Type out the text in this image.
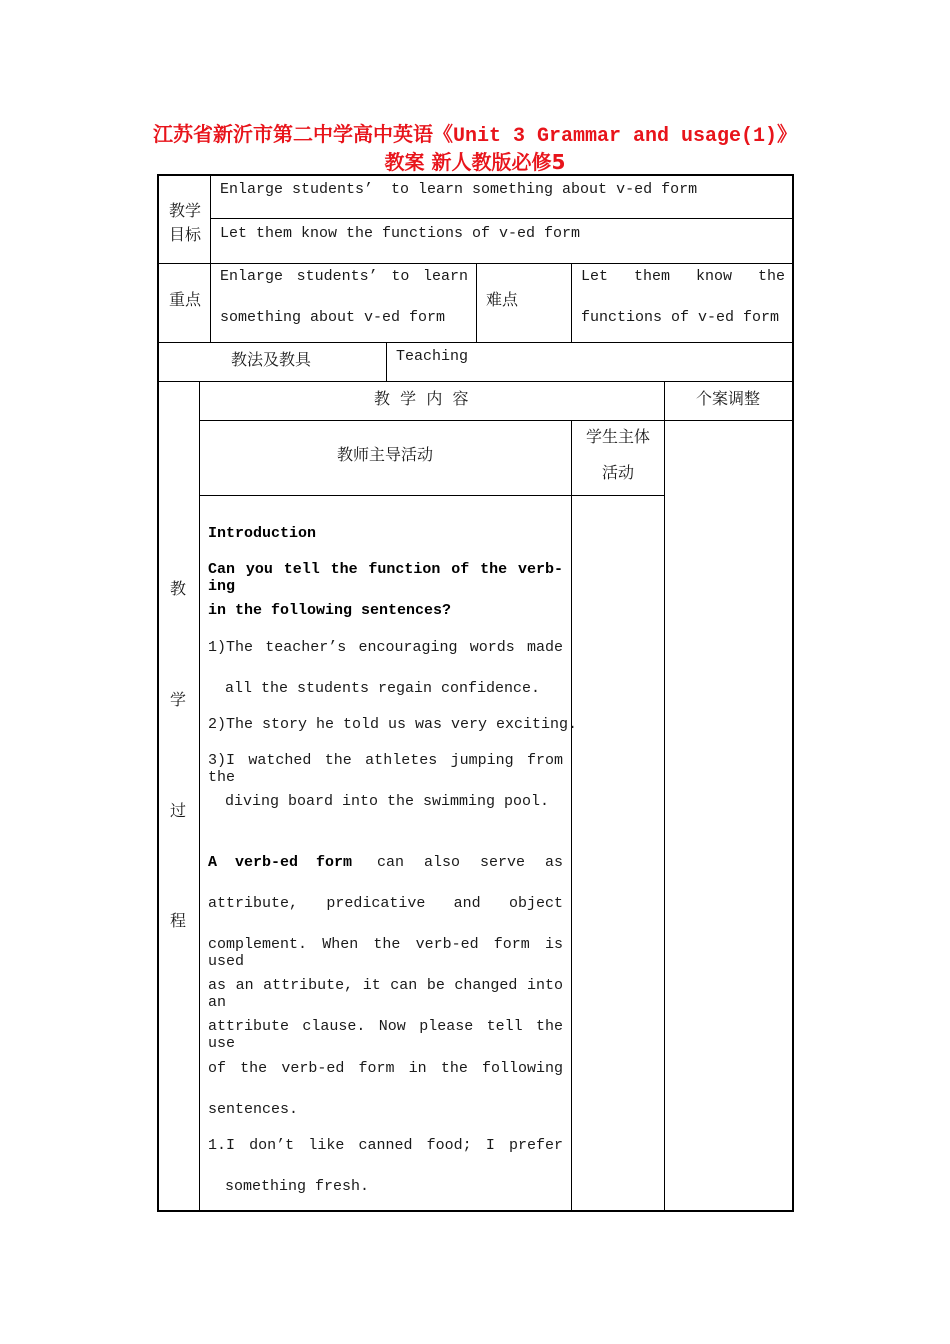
江苏省新沂市第二中学高中英语《Unit 3 Grammar and usage(1)》
教案 新人教版必修5
教学
目标
Enlarge students’  to learn something about v-ed form
Let them know the functions of v-ed form
重点
Enlarge students’ to learn
something about v-ed form
难点
Let them know the
functions of v-ed form
教法及教具	Teaching
教
学
过
程
教  学  内  容	个案调整
教师主导活动
学生主体
活动
Introduction
Can you tell the function of the verb-ing
in the following sentences?
1)The teacher’s encouraging words made
all the students regain confidence.
2)The story he told us was very exciting.
3)I watched the athletes jumping from the
diving board into the swimming pool.
A  verb-ed  form can also serve as
attribute, predicative and object
complement. When the verb-ed form is used
as an attribute, it can be changed into an
attribute clause. Now please tell the use
of the verb-ed form in the following
sentences.
1.I don’t like canned food; I prefer
something fresh.
